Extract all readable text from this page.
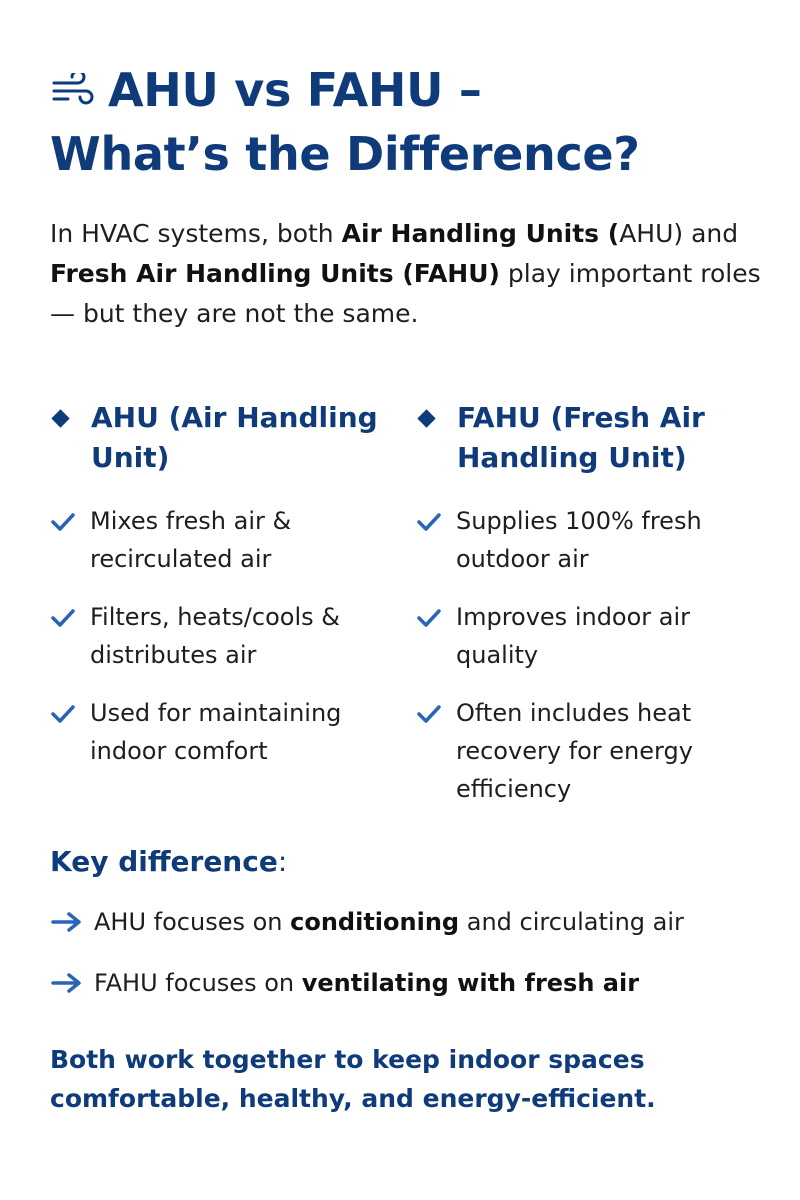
AHU vs FAHU –
What’s the Difference?

In HVAC systems, both Air Handling Units (AHU) and
Fresh Air Handling Units (FAHU) play important roles
— but they are not the same.

AHU (Air Handling Unit)
Mixes fresh air & recirculated air
Filters, heats/cools & distributes air
Used for maintaining indoor comfort
FAHU (Fresh Air Handling Unit)
Supplies 100% fresh outdoor air
Improves indoor air quality
Often includes heat recovery for energy efficiency
Key difference:
AHU focuses on conditioning and circulating air
FAHU focuses on ventilating with fresh air

Both work together to keep indoor spaces comfortable, healthy, and energy-efficient.
